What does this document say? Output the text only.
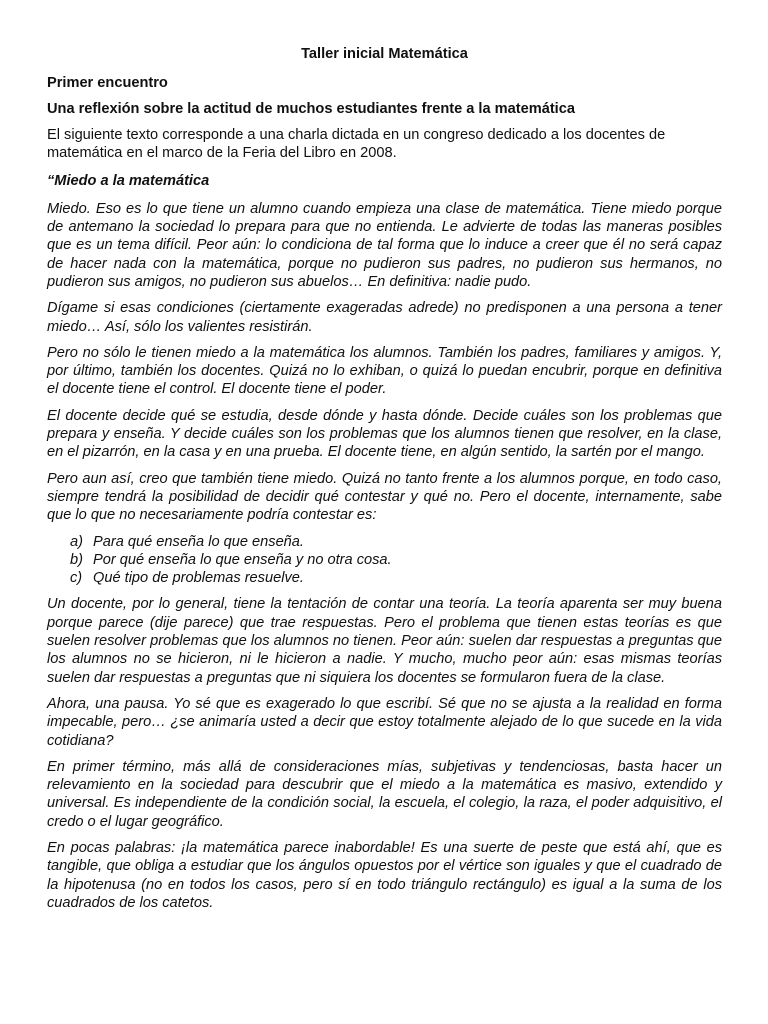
Taller inicial Matemática
Primer encuentro
Una reflexión sobre la actitud de muchos estudiantes frente a la matemática

El siguiente texto corresponde a una charla dictada en un congreso dedicado a los docentes de matemática en el marco de la Feria del Libro en 2008.

“Miedo a la matemática

Miedo. Eso es lo que tiene un alumno cuando empieza una clase de matemática. Tiene miedo porque de antemano la sociedad lo prepara para que no entienda. Le advierte de todas las maneras posibles que es un tema difícil. Peor aún: lo condiciona de tal forma que lo induce a creer que él no será capaz de hacer nada con la matemática, porque no pudieron sus padres, no pudieron sus hermanos, no pudieron sus amigos, no pudieron sus abuelos… En definitiva: nadie pudo.

Dígame si esas condiciones (ciertamente exageradas adrede) no predisponen a una persona a tener miedo… Así, sólo los valientes resistirán.

Pero no sólo le tienen miedo a la matemática los alumnos. También los padres, familiares y amigos. Y, por último, también los docentes. Quizá no lo exhiban, o quizá lo puedan encubrir, porque en definitiva el docente tiene el control. El docente tiene el poder.

El docente decide qué se estudia, desde dónde y hasta dónde. Decide cuáles son los problemas que prepara y enseña. Y decide cuáles son los problemas que los alumnos tienen que resolver, en la clase, en el pizarrón, en la casa y en una prueba. El docente tiene, en algún sentido, la sartén por el mango.

Pero aun así, creo que también tiene miedo. Quizá no tanto frente a los alumnos porque, en todo caso, siempre tendrá la posibilidad de decidir qué contestar y qué no. Pero el docente, internamente, sabe que lo que no necesariamente podría contestar es:

a) Para qué enseña lo que enseña.
b) Por qué enseña lo que enseña y no otra cosa.
c) Qué tipo de problemas resuelve.

Un docente, por lo general, tiene la tentación de contar una teoría. La teoría aparenta ser muy buena porque parece (dije parece) que trae respuestas. Pero el problema que tienen estas teorías es que suelen resolver problemas que los alumnos no tienen. Peor aún: suelen dar respuestas a preguntas que los alumnos no se hicieron, ni le hicieron a nadie. Y mucho, mucho peor aún: esas mismas teorías suelen dar respuestas a preguntas que ni siquiera los docentes se formularon fuera de la clase.

Ahora, una pausa. Yo sé que es exagerado lo que escribí. Sé que no se ajusta a la realidad en forma impecable, pero… ¿se animaría usted a decir que estoy totalmente alejado de lo que sucede en la vida cotidiana?

En primer término, más allá de consideraciones mías, subjetivas y tendenciosas, basta hacer un relevamiento en la sociedad para descubrir que el miedo a la matemática es masivo, extendido y universal. Es independiente de la condición social, la escuela, el colegio, la raza, el poder adquisitivo, el credo o el lugar geográfico.

En pocas palabras: ¡la matemática parece inabordable! Es una suerte de peste que está ahí, que es tangible, que obliga a estudiar que los ángulos opuestos por el vértice son iguales y que el cuadrado de la hipotenusa (no en todos los casos, pero sí en todo triángulo rectángulo) es igual a la suma de los cuadrados de los catetos.
